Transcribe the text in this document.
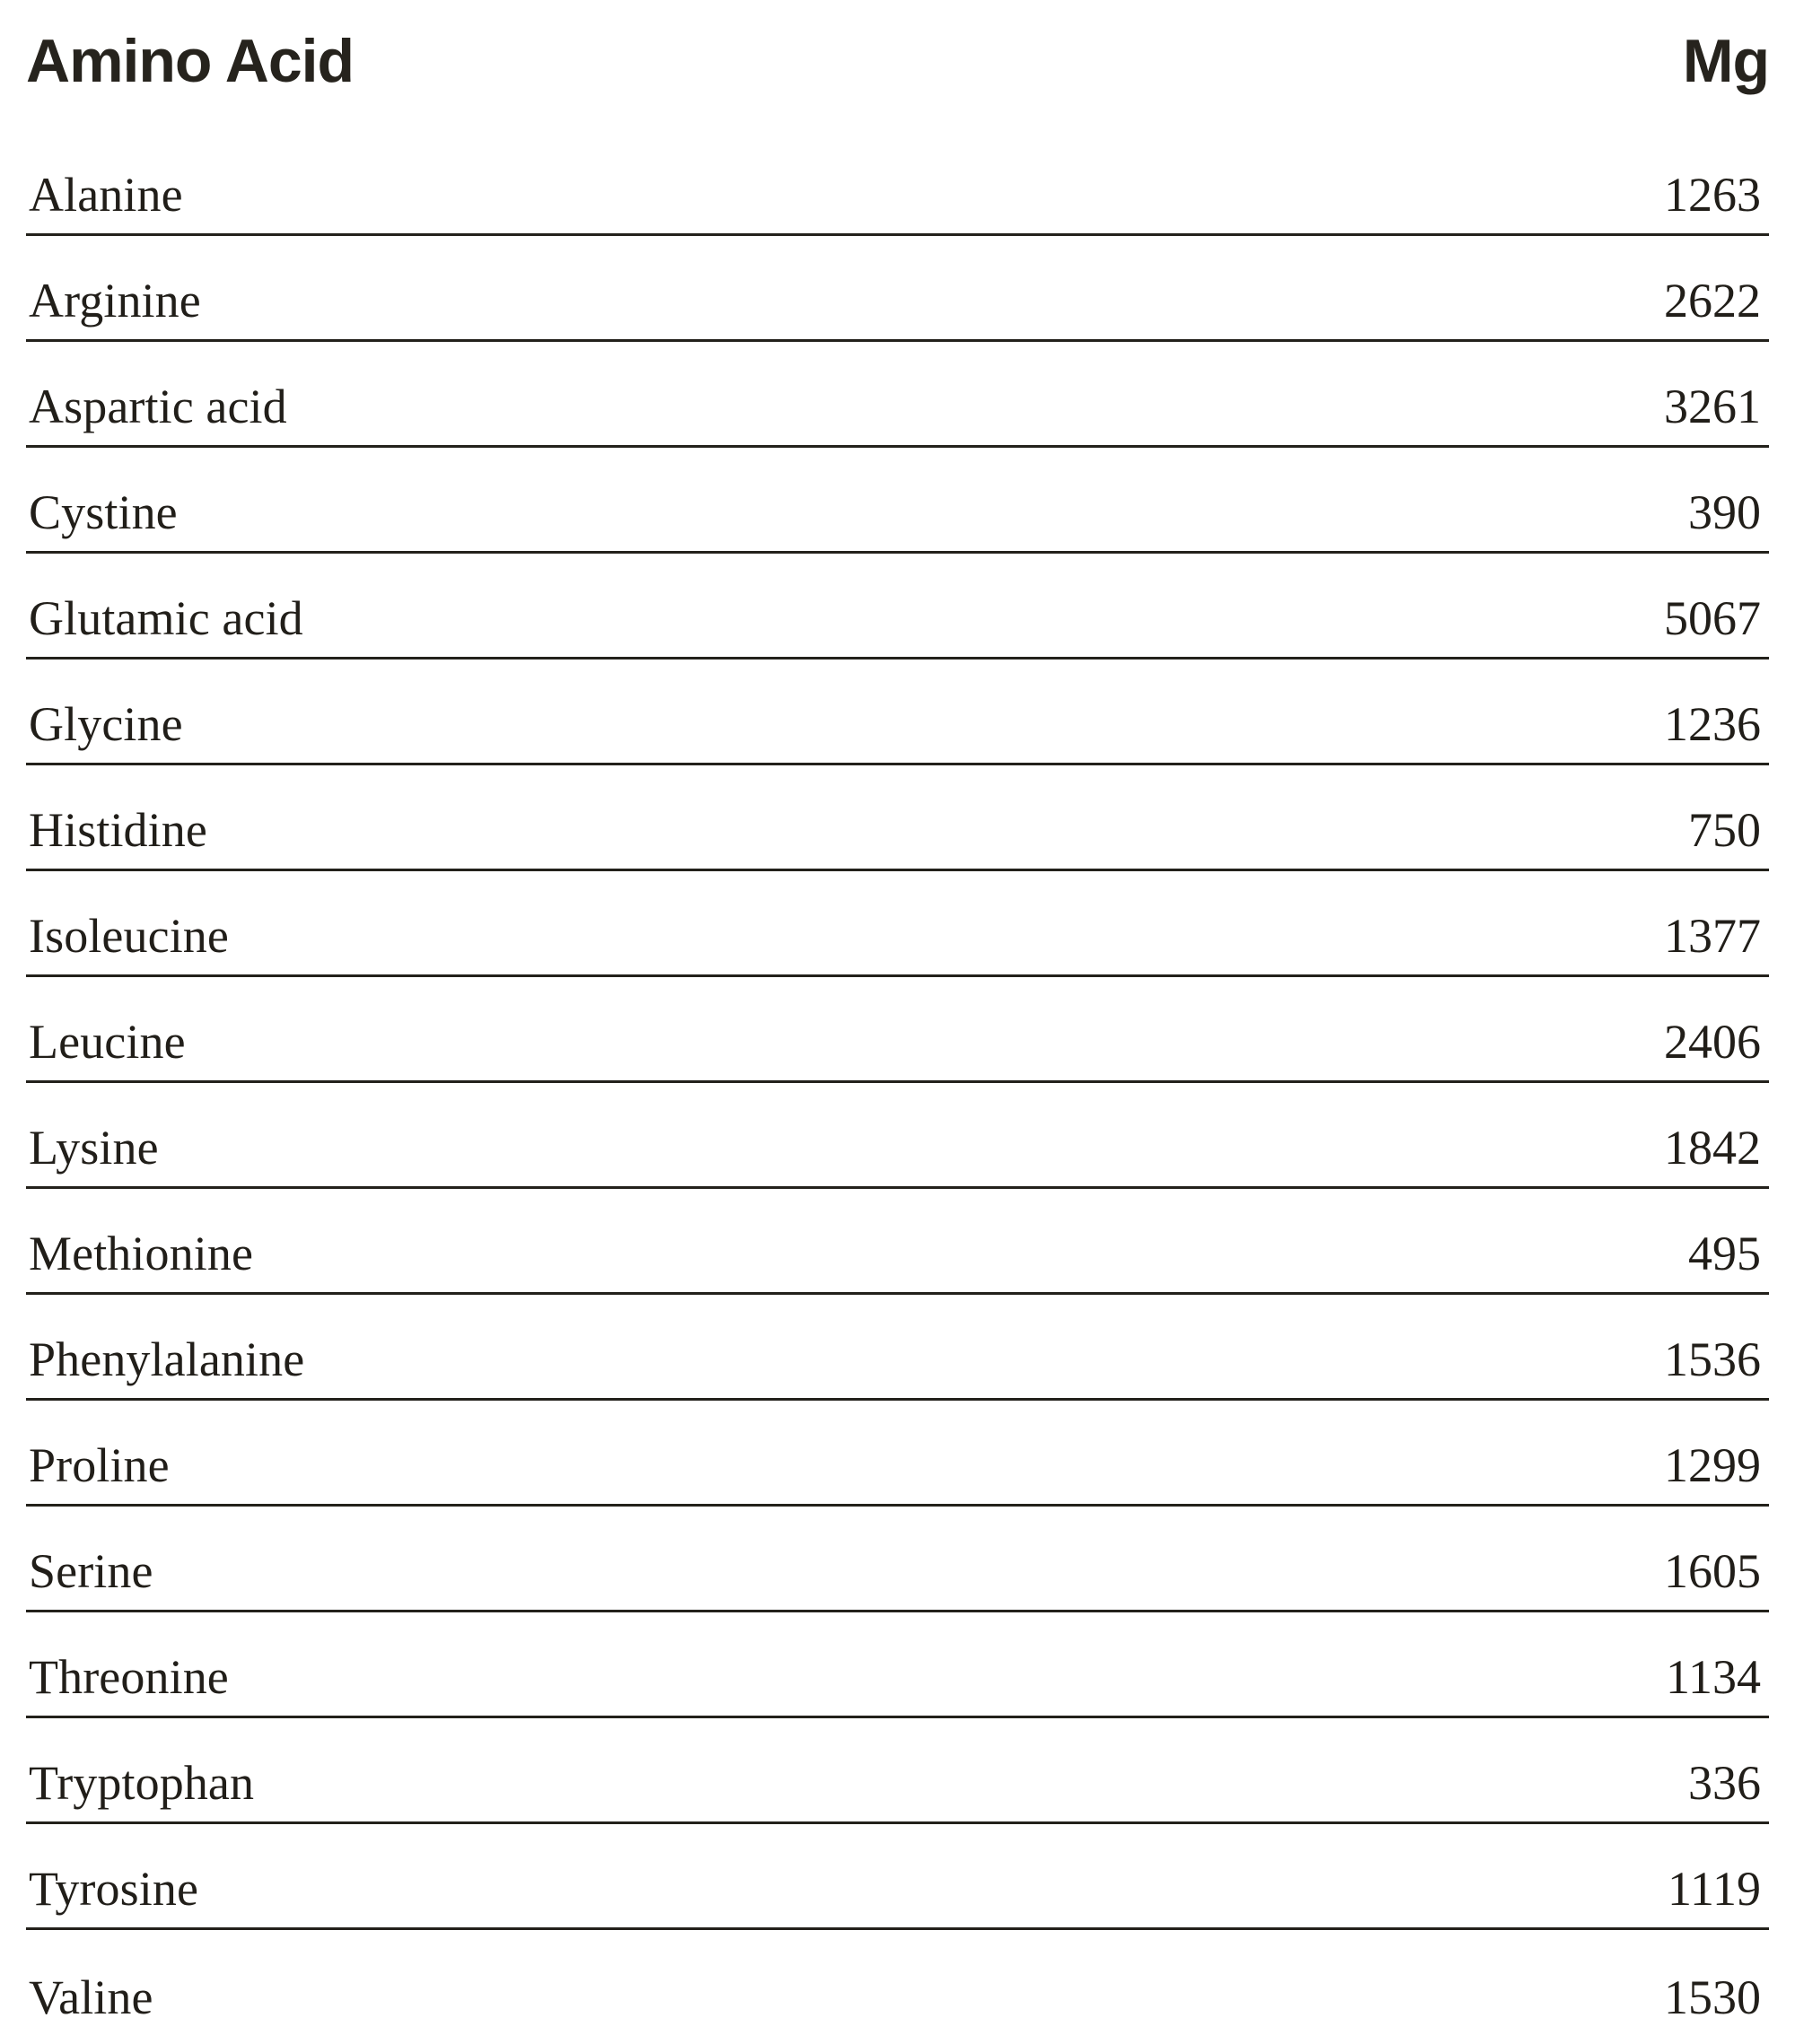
Amino Acid	Mg
Alanine	1263
Arginine	2622
Aspartic acid	3261
Cystine	390
Glutamic acid	5067
Glycine	1236
Histidine	750
Isoleucine	1377
Leucine	2406
Lysine	1842
Methionine	495
Phenylalanine	1536
Proline	1299
Serine	1605
Threonine	1134
Tryptophan	336
Tyrosine	1119
Valine	1530
